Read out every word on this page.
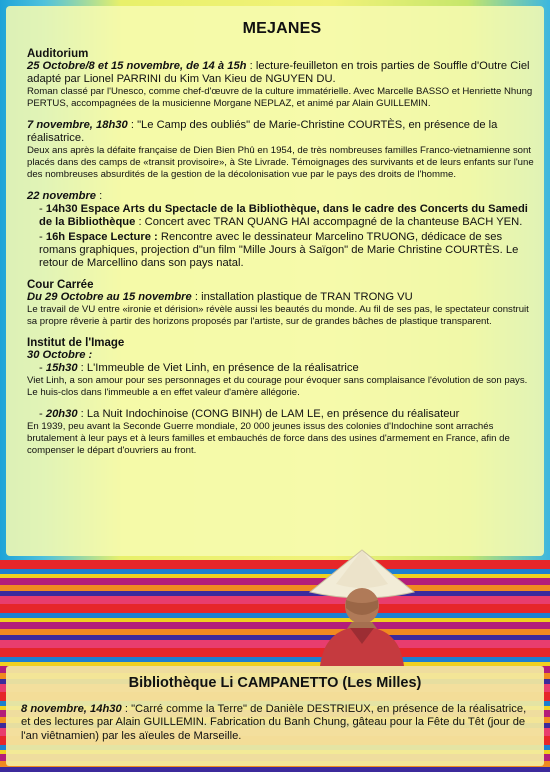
MEJANES
Auditorium
25 Octobre/8 et 15 novembre, de 14 à 15h : lecture-feuilleton en trois parties de Souffle d'Outre Ciel adapté par Lionel PARRINI du Kim Van Kieu de NGUYEN DU.
Roman classé par l'Unesco, comme chef-d'œuvre de la culture immatérielle. Avec Marcelle BASSO et Henriette Nhung PERTUS, accompagnées de la musicienne Morgane NEPLAZ, et animé par Alain GUILLEMIN.
7 novembre, 18h30 : "Le Camp des oubliés" de Marie-Christine COURTÈS, en présence de la réalisatrice.
Deux ans après la défaite française de Dien Bien Phû en 1954, de très nombreuses familles Franco-vietnamienne sont placés dans des camps de «transit provisoire», à Ste Livrade. Témoignages des survivants et de leurs enfants sur l'une des nombreuses absurdités de la gestion de la décolonisation vue par le pays des droits de l'homme.
22 novembre :
- 14h30 Espace Arts du Spectacle de la Bibliothèque, dans le cadre des Concerts du Samedi de la Bibliothèque : Concert avec TRAN QUANG HAI accompagné de la chanteuse BACH YEN.
- 16h Espace Lecture : Rencontre avec le dessinateur Marcelino TRUONG, dédicace de ses romans graphiques, projection d"un film "Mille Jours à Saïgon" de Marie Christine COURTÈS. Le retour de Marcellino dans son pays natal.
Cour Carrée
Du 29 Octobre au 15 novembre : installation plastique de TRAN TRONG VU
Le travail de VU entre «ironie et dérision» révèle aussi les beautés du monde. Au fil de ses pas, le spectateur construit sa propre rêverie à partir des horizons proposés par l'artiste, sur de grandes bâches de plastique transparent.
Institut de l'Image
30 Octobre :
- 15h30 : L'Immeuble de Viet Linh, en présence de la réalisatrice
Viet Linh, a son amour pour ses personnages et du courage pour évoquer sans complaisance l'évolution de son pays. Le huis-clos dans l'immeuble a en effet valeur d'amère allégorie.
- 20h30 : La Nuit Indochinoise (CONG BINH) de LAM LE, en présence du réalisateur
En 1939, peu avant la Seconde Guerre mondiale, 20 000 jeunes issus des colonies d'Indochine sont arrachés brutalement à leur pays et à leurs familles et embauchés de force dans des usines d'armement en France, afin de compenser le départ d'ouvriers au front.
Bibliothèque Li CAMPANETTO (Les Milles)
8 novembre, 14h30 : "Carré comme la Terre" de Danièle DESTRIEUX, en présence de la réalisatrice, et des lectures par Alain GUILLEMIN. Fabrication du Banh Chung, gâteau pour la Fête du Têt (jour de l'an viêtnamien) par les aïeules de Marseille.
